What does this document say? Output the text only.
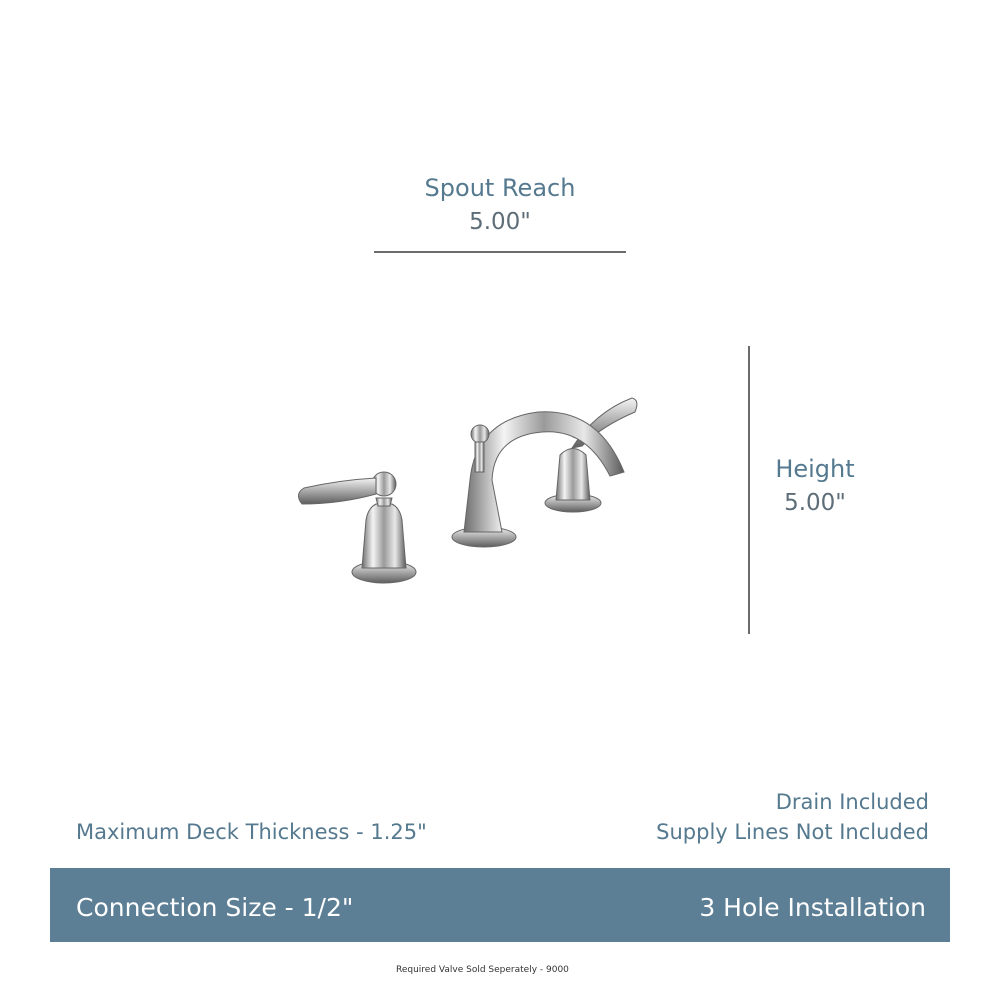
Spout Reach
5.00"
Height
5.00"
Drain Included
Maximum Deck Thickness - 1.25"	Supply Lines Not Included
Connection Size - 1/2"	3 Hole Installation
Required Valve Sold Seperately - 9000
